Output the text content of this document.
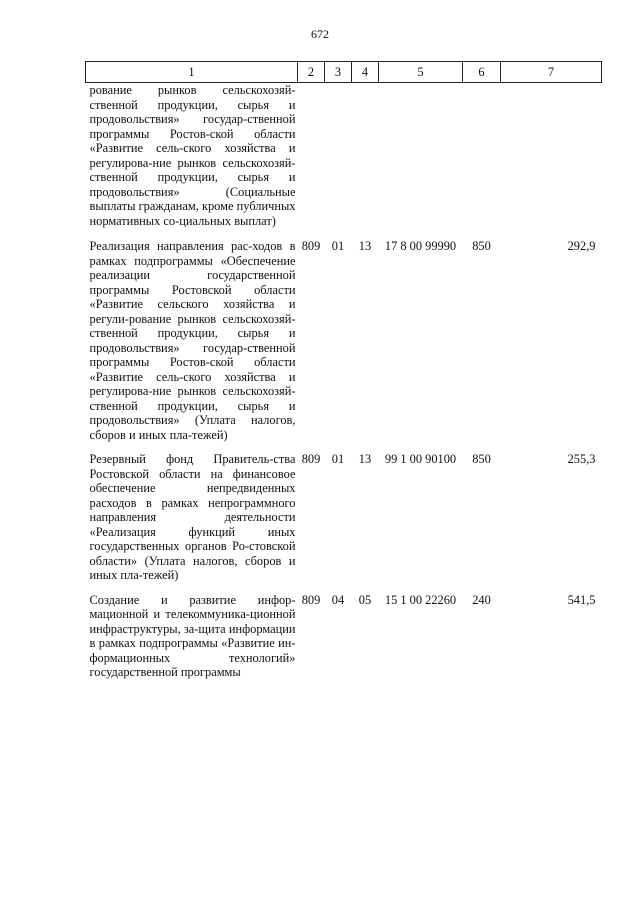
672
1	2	3	4	5	6	7
рование рынков сельскохозяй-ственной продукции, сырья и продовольствия» государ-ственной программы Ростов-ской области «Развитие сель-ского хозяйства и регулирова-ние рынков сельскохозяй-ственной продукции, сырья и продовольствия» (Социальные выплаты гражданам, кроме публичных нормативных со-циальных выплат)						
Реализация направления рас-ходов в рамках подпрограммы «Обеспечение реализации государственной программы Ростовской области «Развитие сельского хозяйства и регули-рование рынков сельскохозяй-ственной продукции, сырья и продовольствия» государ-ственной программы Ростов-ской области «Развитие сель-ского хозяйства и регулирова-ние рынков сельскохозяй-ственной продукции, сырья и продовольствия» (Уплата налогов, сборов и иных пла-тежей)	809	01	13	17 8 00 99990	850	292,9
Резервный фонд Правитель-ства Ростовской области на финансовое обеспечение непредвиденных расходов в рамках непрограммного направления деятельности «Реализация функций иных государственных органов Ро-стовской области» (Уплата налогов, сборов и иных пла-тежей)	809	01	13	99 1 00 90100	850	255,3
Создание и развитие инфор-мационной и телекоммуника-ционной инфраструктуры, за-щита информации в рамках подпрограммы «Развитие ин-формационных технологий» государственной программы	809	04	05	15 1 00 22260	240	541,5
